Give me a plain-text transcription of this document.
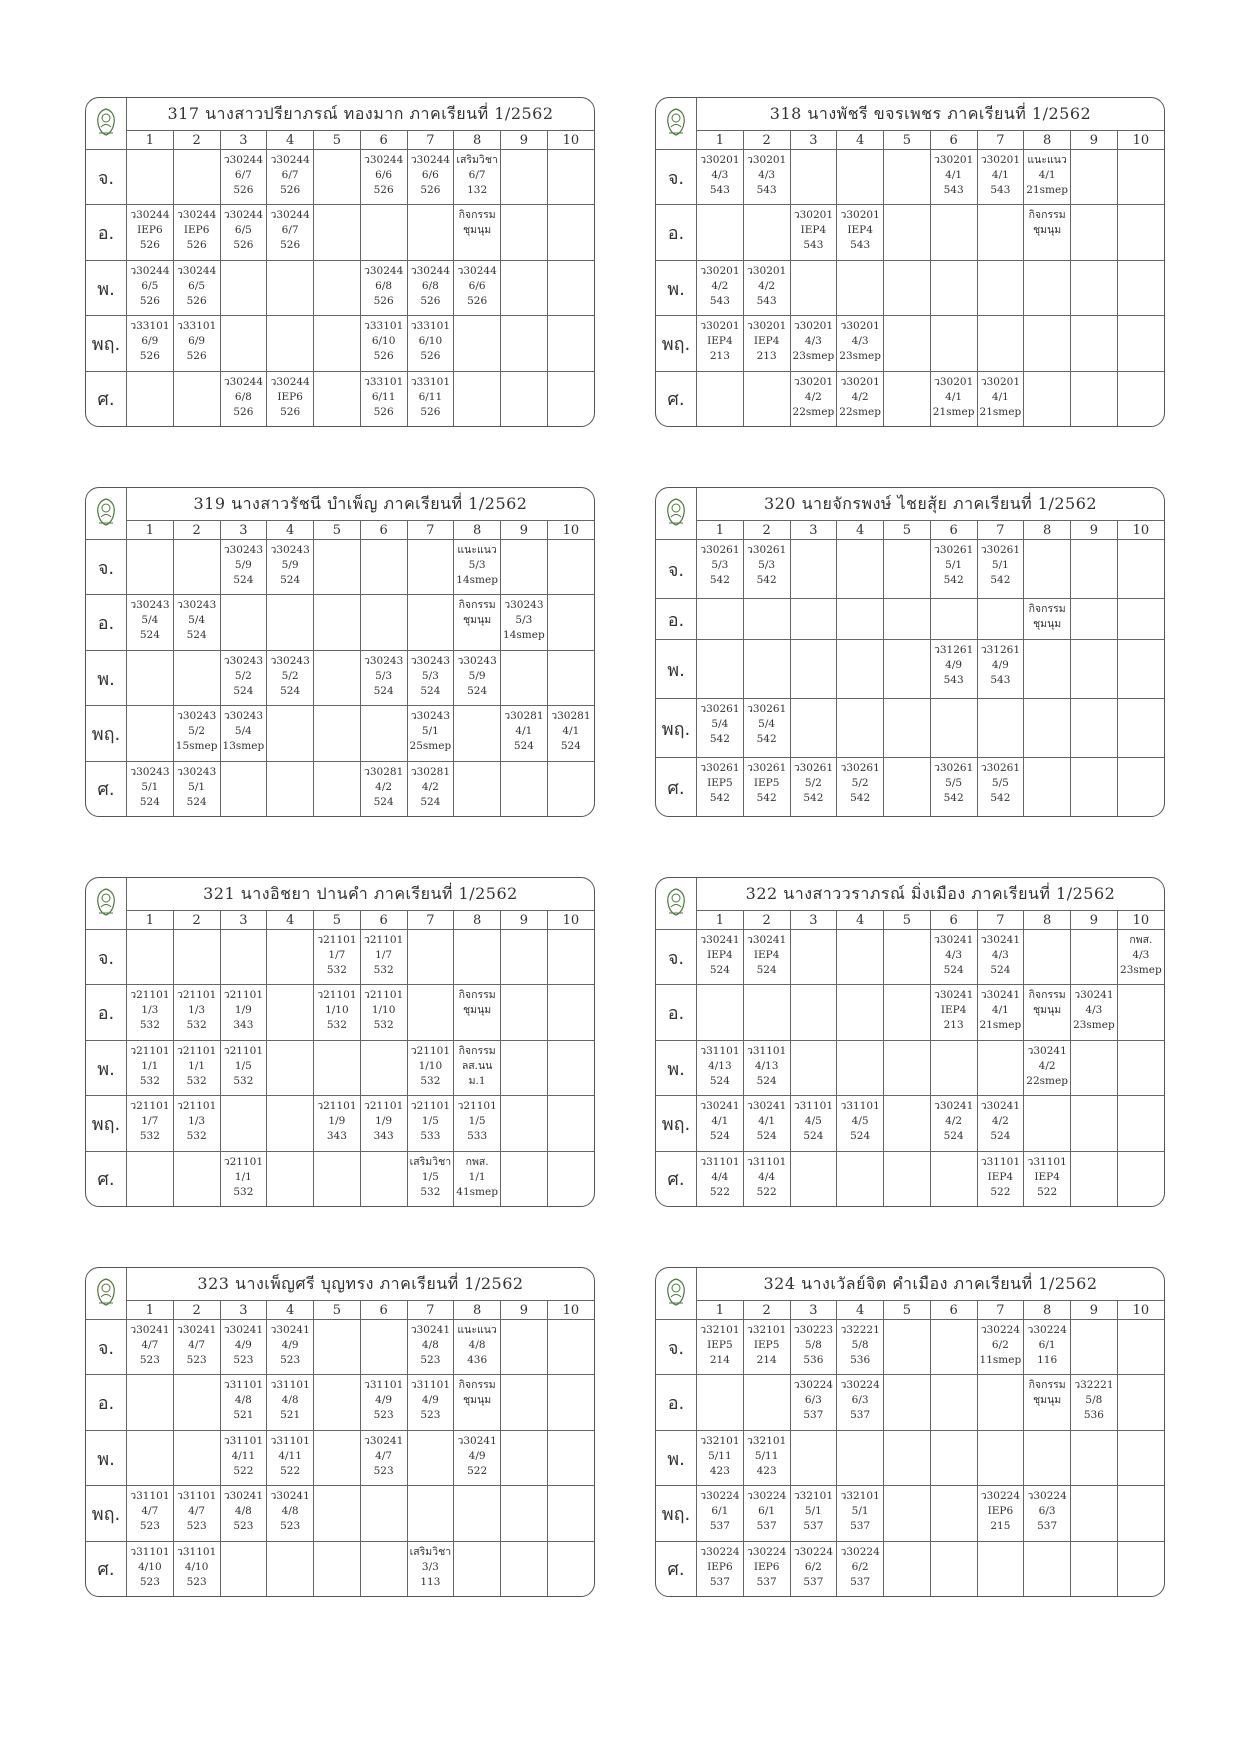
	317 นางสาวปรียาภรณ์ ทองมาก ภาคเรียนที่ 1/2562									
	1	2	3	4	5	6	7	8	9	10
จ.			ว30244
6/7
526	ว30244
6/7
526		ว30244
6/6
526	ว30244
6/6
526	เสริมวิชา
6/7
132		

อ.	ว30244
IEP6
526	ว30244
IEP6
526	ว30244
6/5
526	ว30244
6/7
526				กิจกรรม
ชุมนุม		

พ.	ว30244
6/5
526	ว30244
6/5
526				ว30244
6/8
526	ว30244
6/8
526	ว30244
6/6
526		

พฤ.	ว33101
6/9
526	ว33101
6/9
526				ว33101
6/10
526	ว33101
6/10
526			

ศ.			ว30244
6/8
526	ว30244
IEP6
526		ว33101
6/11
526	ว33101
6/11
526			

	318 นางพัชรี ขจรเพชร ภาคเรียนที่ 1/2562									
	1	2	3	4	5	6	7	8	9	10
จ.	ว30201
4/3
543	ว30201
4/3
543				ว30201
4/1
543	ว30201
4/1
543	แนะแนว
4/1
21smep		

อ.			ว30201
IEP4
543	ว30201
IEP4
543				กิจกรรม
ชุมนุม		

พ.	ว30201
4/2
543	ว30201
4/2
543								

พฤ.	ว30201
IEP4
213	ว30201
IEP4
213	ว30201
4/3
23smep	ว30201
4/3
23smep						

ศ.			ว30201
4/2
22smep	ว30201
4/2
22smep		ว30201
4/1
21smep	ว30201
4/1
21smep			

	319 นางสาวรัชนี บำเพ็ญ ภาคเรียนที่ 1/2562									
	1	2	3	4	5	6	7	8	9	10
จ.			ว30243
5/9
524	ว30243
5/9
524				แนะแนว
5/3
14smep		

อ.	ว30243
5/4
524	ว30243
5/4
524						กิจกรรม
ชุมนุม	ว30243
5/3
14smep	

พ.			ว30243
5/2
524	ว30243
5/2
524		ว30243
5/3
524	ว30243
5/3
524	ว30243
5/9
524		

พฤ.		ว30243
5/2
15smep	ว30243
5/4
13smep				ว30243
5/1
25smep		ว30281
4/1
524	ว30281
4/1
524

ศ.	ว30243
5/1
524	ว30243
5/1
524				ว30281
4/2
524	ว30281
4/2
524			

	320 นายจักรพงษ์ ไชยสุ้ย ภาคเรียนที่ 1/2562									
	1	2	3	4	5	6	7	8	9	10
จ.	ว30261
5/3
542	ว30261
5/3
542				ว30261
5/1
542	ว30261
5/1
542			

อ.								กิจกรรม
ชุมนุม		

พ.						ว31261
4/9
543	ว31261
4/9
543			

พฤ.	ว30261
5/4
542	ว30261
5/4
542								

ศ.	ว30261
IEP5
542	ว30261
IEP5
542	ว30261
5/2
542	ว30261
5/2
542		ว30261
5/5
542	ว30261
5/5
542			

	321 นางอิชยา ปานคำ ภาคเรียนที่ 1/2562									
	1	2	3	4	5	6	7	8	9	10
จ.					ว21101
1/7
532	ว21101
1/7
532				

อ.	ว21101
1/3
532	ว21101
1/3
532	ว21101
1/9
343		ว21101
1/10
532	ว21101
1/10
532		กิจกรรม
ชุมนุม		

พ.	ว21101
1/1
532	ว21101
1/1
532	ว21101
1/5
532				ว21101
1/10
532	กิจกรรม
ลส.นน
ม.1		

พฤ.	ว21101
1/7
532	ว21101
1/3
532			ว21101
1/9
343	ว21101
1/9
343	ว21101
1/5
533	ว21101
1/5
533		

ศ.			ว21101
1/1
532				เสริมวิชา
1/5
532	กพส.
1/1
41smep		

	322 นางสาววราภรณ์ มิ่งเมือง ภาคเรียนที่ 1/2562									
	1	2	3	4	5	6	7	8	9	10
จ.	ว30241
IEP4
524	ว30241
IEP4
524				ว30241
4/3
524	ว30241
4/3
524			กพส.
4/3
23smep

อ.						ว30241
IEP4
213	ว30241
4/1
21smep	กิจกรรม
ชุมนุม	ว30241
4/3
23smep	

พ.	ว31101
4/13
524	ว31101
4/13
524						ว30241
4/2
22smep		

พฤ.	ว30241
4/1
524	ว30241
4/1
524	ว31101
4/5
524	ว31101
4/5
524		ว30241
4/2
524	ว30241
4/2
524			

ศ.	ว31101
4/4
522	ว31101
4/4
522					ว31101
IEP4
522	ว31101
IEP4
522		

	323 นางเพ็ญศรี บุญทรง ภาคเรียนที่ 1/2562									
	1	2	3	4	5	6	7	8	9	10
จ.	ว30241
4/7
523	ว30241
4/7
523	ว30241
4/9
523	ว30241
4/9
523			ว30241
4/8
523	แนะแนว
4/8
436		

อ.			ว31101
4/8
521	ว31101
4/8
521		ว31101
4/9
523	ว31101
4/9
523	กิจกรรม
ชุมนุม		

พ.			ว31101
4/11
522	ว31101
4/11
522		ว30241
4/7
523		ว30241
4/9
522		

พฤ.	ว31101
4/7
523	ว31101
4/7
523	ว30241
4/8
523	ว30241
4/8
523						

ศ.	ว31101
4/10
523	ว31101
4/10
523					เสริมวิชา
3/3
113			

	324 นางเวัลย์จิต คำเมือง ภาคเรียนที่ 1/2562									
	1	2	3	4	5	6	7	8	9	10
จ.	ว32101
IEP5
214	ว32101
IEP5
214	ว30223
5/8
536	ว32221
5/8
536			ว30224
6/2
11smep	ว30224
6/1
116		

อ.			ว30224
6/3
537	ว30224
6/3
537				กิจกรรม
ชุมนุม	ว32221
5/8
536	

พ.	ว32101
5/11
423	ว32101
5/11
423								

พฤ.	ว30224
6/1
537	ว30224
6/1
537	ว32101
5/1
537	ว32101
5/1
537			ว30224
IEP6
215	ว30224
6/3
537		

ศ.	ว30224
IEP6
537	ว30224
IEP6
537	ว30224
6/2
537	ว30224
6/2
537						
